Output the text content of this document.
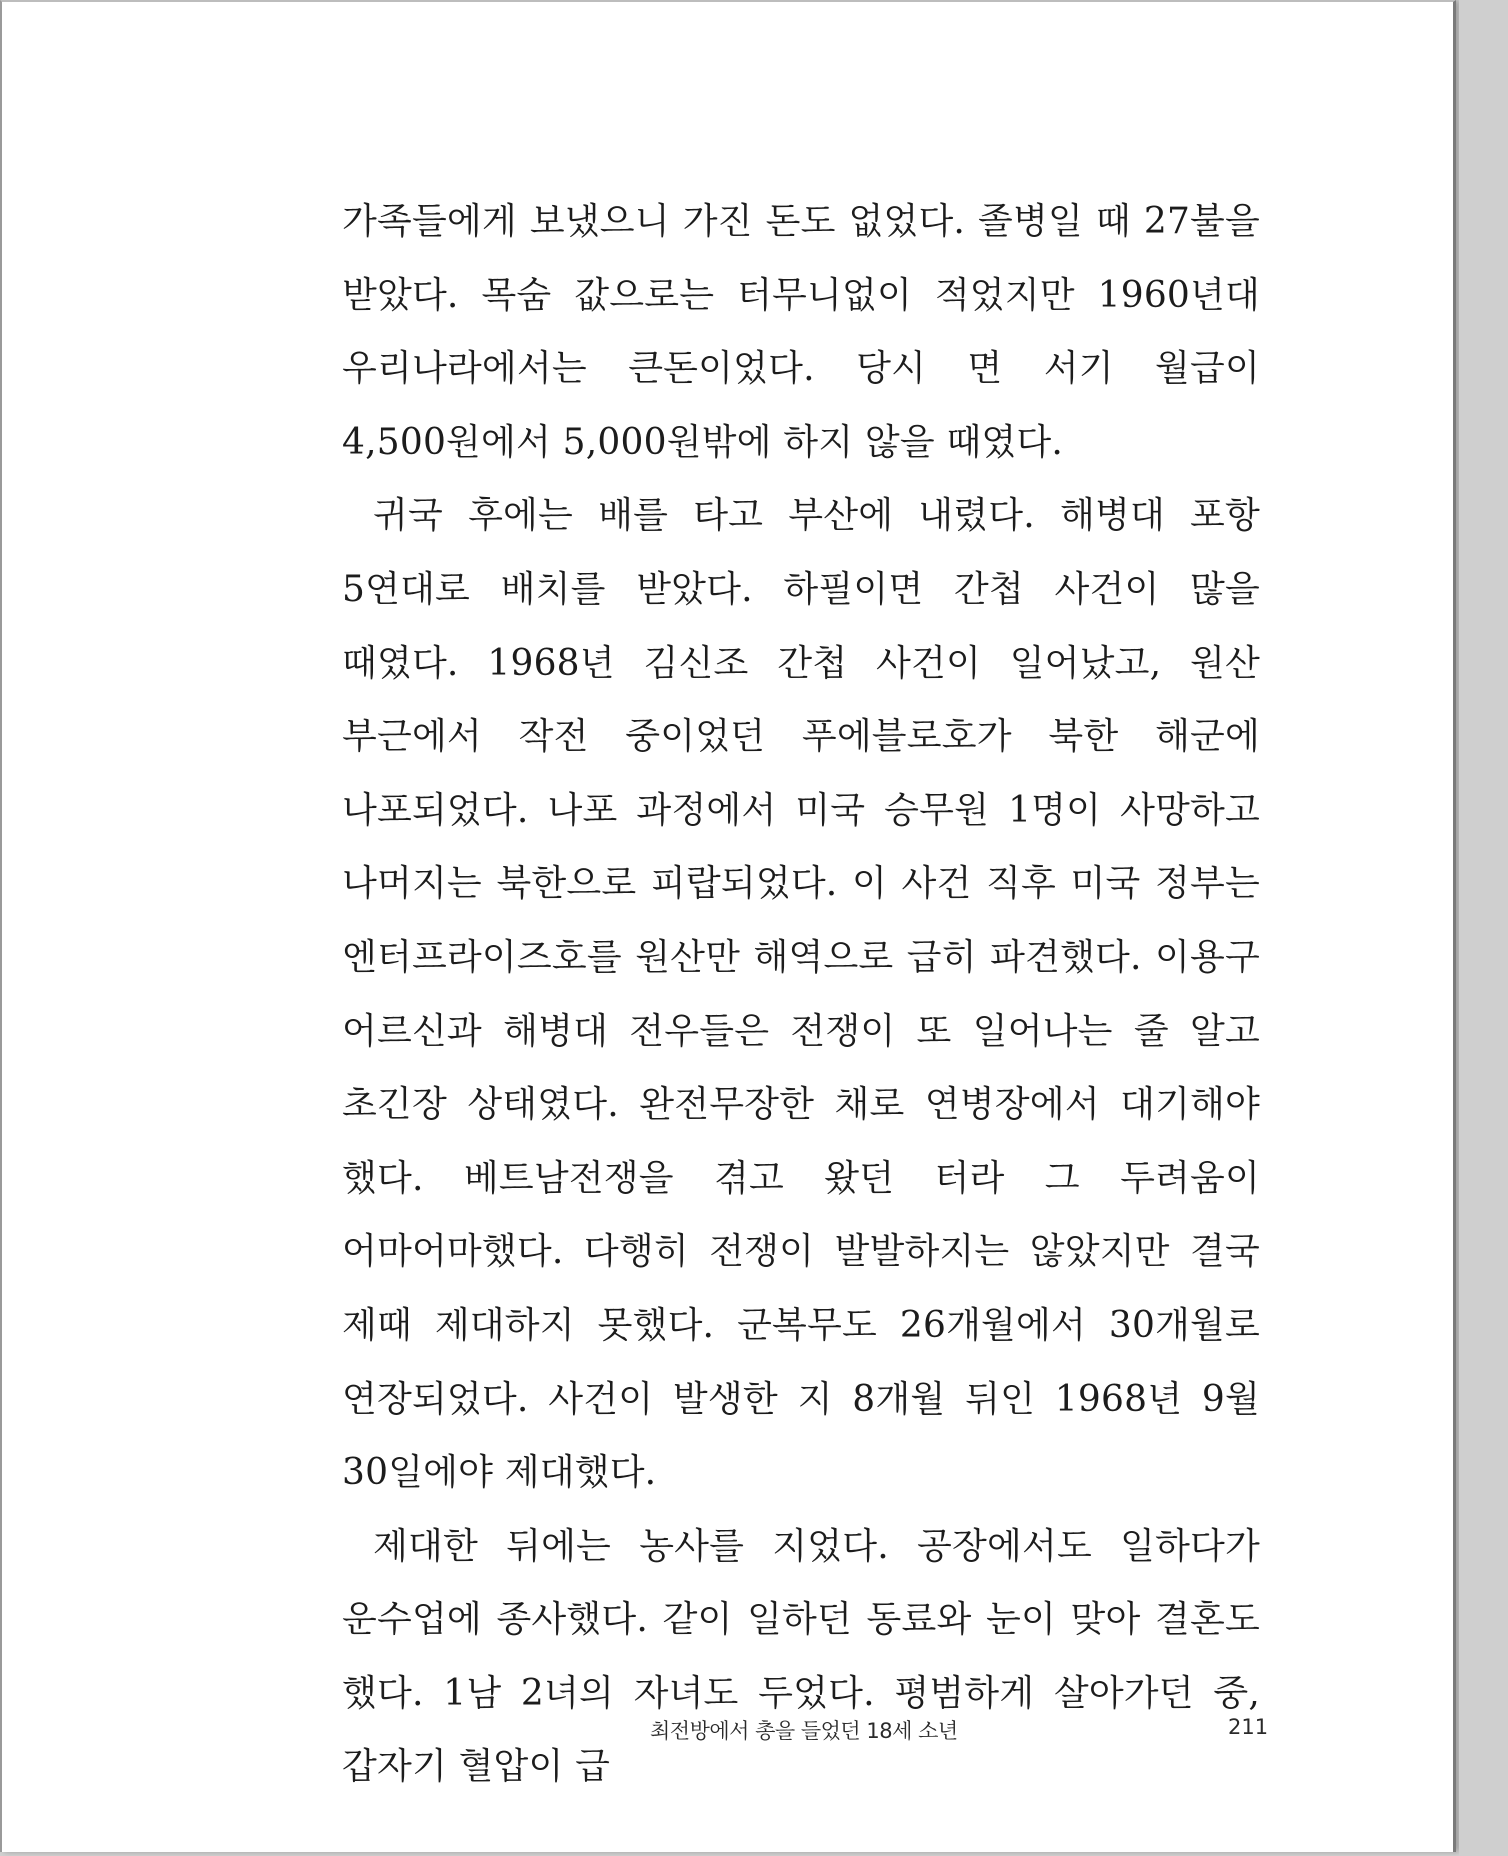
가족들에게 보냈으니 가진 돈도 없었다. 졸병일 때 27불을 받았다. 목숨 값으로는 터무니없이 적었지만 1960년대 우리나라에서는 큰돈이었다. 당시 면 서기 월급이 4,500원에서 5,000원밖에 하지 않을 때였다.

귀국 후에는 배를 타고 부산에 내렸다. 해병대 포항 5연대로 배치를 받았다. 하필이면 간첩 사건이 많을 때였다. 1968년 김신조 간첩 사건이 일어났고, 원산 부근에서 작전 중이었던 푸에블로호가 북한 해군에 나포되었다. 나포 과정에서 미국 승무원 1명이 사망하고 나머지는 북한으로 피랍되었다. 이 사건 직후 미국 정부는 엔터프라이즈호를 원산만 해역으로 급히 파견했다. 이용구 어르신과 해병대 전우들은 전쟁이 또 일어나는 줄 알고 초긴장 상태였다. 완전무장한 채로 연병장에서 대기해야 했다. 베트남전쟁을 겪고 왔던 터라 그 두려움이 어마어마했다. 다행히 전쟁이 발발하지는 않았지만 결국 제때 제대하지 못했다. 군복무도 26개월에서 30개월로 연장되었다. 사건이 발생한 지 8개월 뒤인 1968년 9월 30일에야 제대했다.

제대한 뒤에는 농사를 지었다. 공장에서도 일하다가 운수업에 종사했다. 같이 일하던 동료와 눈이 맞아 결혼도 했다. 1남 2녀의 자녀도 두었다. 평범하게 살아가던 중, 갑자기 혈압이 급

최전방에서 총을 들었던 18세 소년	211
